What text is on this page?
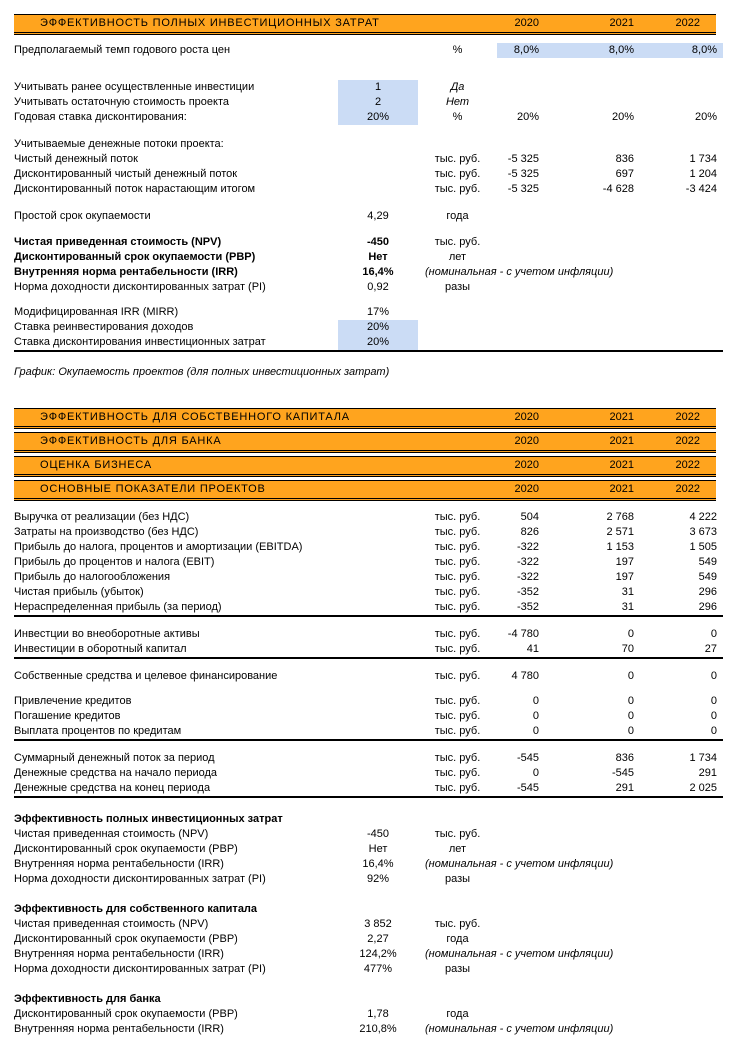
ЭФФЕКТИВНОСТЬ ПОЛНЫХ ИНВЕСТИЦИОННЫХ ЗАТРАТ	2020	2021	2022
Предполагаемый темп годового роста цен	%	8,0%	8,0%	8,0%
Учитывать ранее осуществленные инвестиции	1	Да
Учитывать остаточную стоимость проекта	2	Нет
Годовая ставка дисконтирования:	20%	%	20%	20%	20%
Учитываемые денежные потоки проекта:
Чистый денежный поток	тыс. руб.	-5 325	836	1 734
Дисконтированный чистый денежный поток	тыс. руб.	-5 325	697	1 204
Дисконтированный поток нарастающим итогом	тыс. руб.	-5 325	-4 628	-3 424
Простой срок окупаемости	4,29	года
Чистая приведенная стоимость (NPV)	-450	тыс. руб.
Дисконтированный срок окупаемости (PBP)	Нет	лет
Внутренняя норма рентабельности (IRR)	16,4%	(номинальная - с учетом инфляции)
Норма доходности дисконтированных затрат (PI)	0,92	разы
Модифицированная IRR (MIRR)	17%
Ставка реинвестирования доходов	20%
Ставка дисконтирования инвестиционных затрат	20%
График: Окупаемость проектов (для полных инвестиционных затрат)
ЭФФЕКТИВНОСТЬ ДЛЯ СОБСТВЕННОГО КАПИТАЛА	2020	2021	2022
ЭФФЕКТИВНОСТЬ ДЛЯ БАНКА	2020	2021	2022
ОЦЕНКА БИЗНЕСА	2020	2021	2022
ОСНОВНЫЕ ПОКАЗАТЕЛИ ПРОЕКТОВ	2020	2021	2022
Выручка от реализации (без НДС)	тыс. руб.	504	2 768	4 222
Затраты на производство (без НДС)	тыс. руб.	826	2 571	3 673
Прибыль до налога, процентов и амортизации (EBITDA)	тыс. руб.	-322	1 153	1 505
Прибыль до процентов и налога (EBIT)	тыс. руб.	-322	197	549
Прибыль до налогообложения	тыс. руб.	-322	197	549
Чистая прибыль (убыток)	тыс. руб.	-352	31	296
Нераспределенная прибыль (за период)	тыс. руб.	-352	31	296
Инвестции во внеоборотные активы	тыс. руб.	-4 780	0	0
Инвестиции в оборотный капитал	тыс. руб.	41	70	27
Собственные средства и целевое финансирование	тыс. руб.	4 780	0	0
Привлечение кредитов	тыс. руб.	0	0	0
Погашение кредитов	тыс. руб.	0	0	0
Выплата процентов по кредитам	тыс. руб.	0	0	0
Суммарный денежный поток за период	тыс. руб.	-545	836	1 734
Денежные средства на начало периода	тыс. руб.	0	-545	291
Денежные средства на конец периода	тыс. руб.	-545	291	2 025
Эффективность полных инвестиционных затрат
Чистая приведенная стоимость (NPV)	-450	тыс. руб.
Дисконтированный срок окупаемости (PBP)	Нет	лет
Внутренняя норма рентабельности (IRR)	16,4%	(номинальная - с учетом инфляции)
Норма доходности дисконтированных затрат (PI)	92%	разы
Эффективность для собственного капитала
Чистая приведенная стоимость (NPV)	3 852	тыс. руб.
Дисконтированный срок окупаемости (PBP)	2,27	года
Внутренняя норма рентабельности (IRR)	124,2%	(номинальная - с учетом инфляции)
Норма доходности дисконтированных затрат (PI)	477%	разы
Эффективность для банка
Дисконтированный срок окупаемости (PBP)	1,78	года
Внутренняя норма рентабельности (IRR)	210,8%	(номинальная - с учетом инфляции)
